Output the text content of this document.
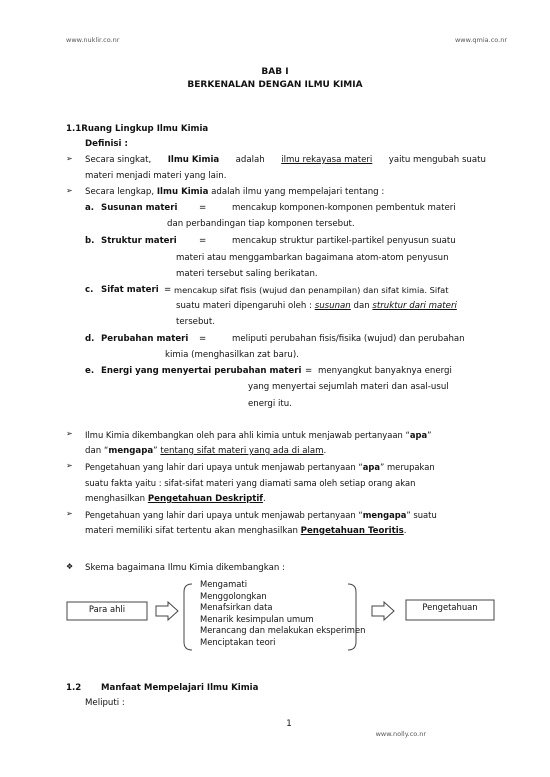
www.nuklir.co.nr	www.qmia.co.nr
BAB I
BERKENALAN DENGAN ILMU KIMIA
1.1Ruang Lingkup Ilmu Kimia
Definisi :
➢ Secara singkat, Ilmu Kimia adalah ilmu rekayasa materi yaitu mengubah suatu
materi menjadi materi yang lain.
➢ Secara lengkap, Ilmu Kimia adalah ilmu yang mempelajari tentang :
a. Susunan materi	=	mencakup komponen-komponen pembentuk materi
dan perbandingan tiap komponen tersebut.
b. Struktur materi	=	mencakup struktur partikel-partikel penyusun suatu
materi atau menggambarkan bagaimana atom-atom penyusun
materi tersebut saling berikatan.
c. Sifat materi = mencakup sifat fisis (wujud dan penampilan) dan sifat kimia. Sifat
suatu materi dipengaruhi oleh : susunan dan struktur dari materi
tersebut.
d. Perubahan materi =	meliputi perubahan fisis/fisika (wujud) dan perubahan
kimia (menghasilkan zat baru).
e. Energi yang menyertai perubahan materi = menyangkut banyaknya energi
yang menyertai sejumlah materi dan asal-usul
energi itu.
➢ Ilmu Kimia dikembangkan oleh para ahli kimia untuk menjawab pertanyaan “apa”
dan “mengapa” tentang sifat materi yang ada di alam.
➢ Pengetahuan yang lahir dari upaya untuk menjawab pertanyaan “apa” merupakan
suatu fakta yaitu : sifat-sifat materi yang diamati sama oleh setiap orang akan
menghasilkan Pengetahuan Deskriptif.
➢ Pengetahuan yang lahir dari upaya untuk menjawab pertanyaan “mengapa” suatu
materi memiliki sifat tertentu akan menghasilkan Pengetahuan Teoritis.
❖ Skema bagaimana Ilmu Kimia dikembangkan :
Para ahli
Mengamati
Menggolongkan
Menafsirkan data
Menarik kesimpulan umum
Merancang dan melakukan eksperimen
Menciptakan teori
Pengetahuan
1.2 Manfaat Mempelajari Ilmu Kimia
Meliputi :
1
www.nolly.co.nr
